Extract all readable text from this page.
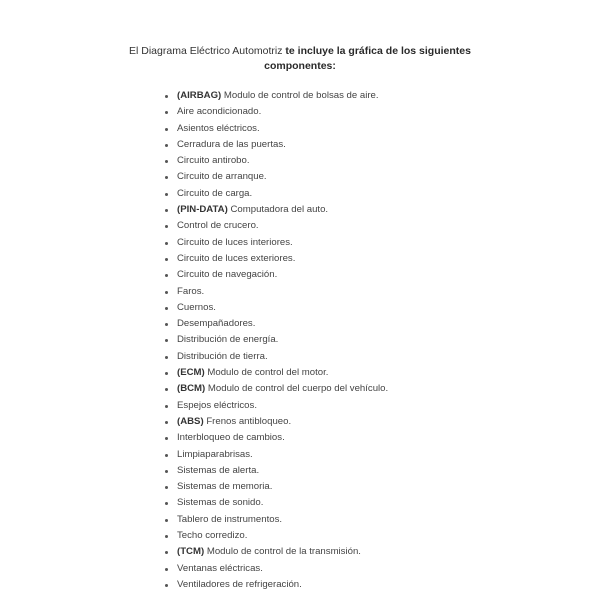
El Diagrama Eléctrico Automotriz te incluye la gráfica de los siguientes componentes:
(AIRBAG) Modulo de control de bolsas de aire.
Aire acondicionado.
Asientos eléctricos.
Cerradura de las puertas.
Circuito antirobo.
Circuito de arranque.
Circuito de carga.
(PIN-DATA) Computadora del auto.
Control de crucero.
Circuito de luces interiores.
Circuito de luces exteriores.
Circuito de navegación.
Faros.
Cuernos.
Desempañadores.
Distribución de energía.
Distribución de tierra.
(ECM) Modulo de control del motor.
(BCM) Modulo de control del cuerpo del vehículo.
Espejos eléctricos.
(ABS) Frenos antibloqueo.
Interbloqueo de cambios.
Limpiaparabrisas.
Sistemas de alerta.
Sistemas de memoria.
Sistemas de sonido.
Tablero de instrumentos.
Techo corredizo.
(TCM) Modulo de control de la transmisión.
Ventanas eléctricas.
Ventiladores de refrigeración.
